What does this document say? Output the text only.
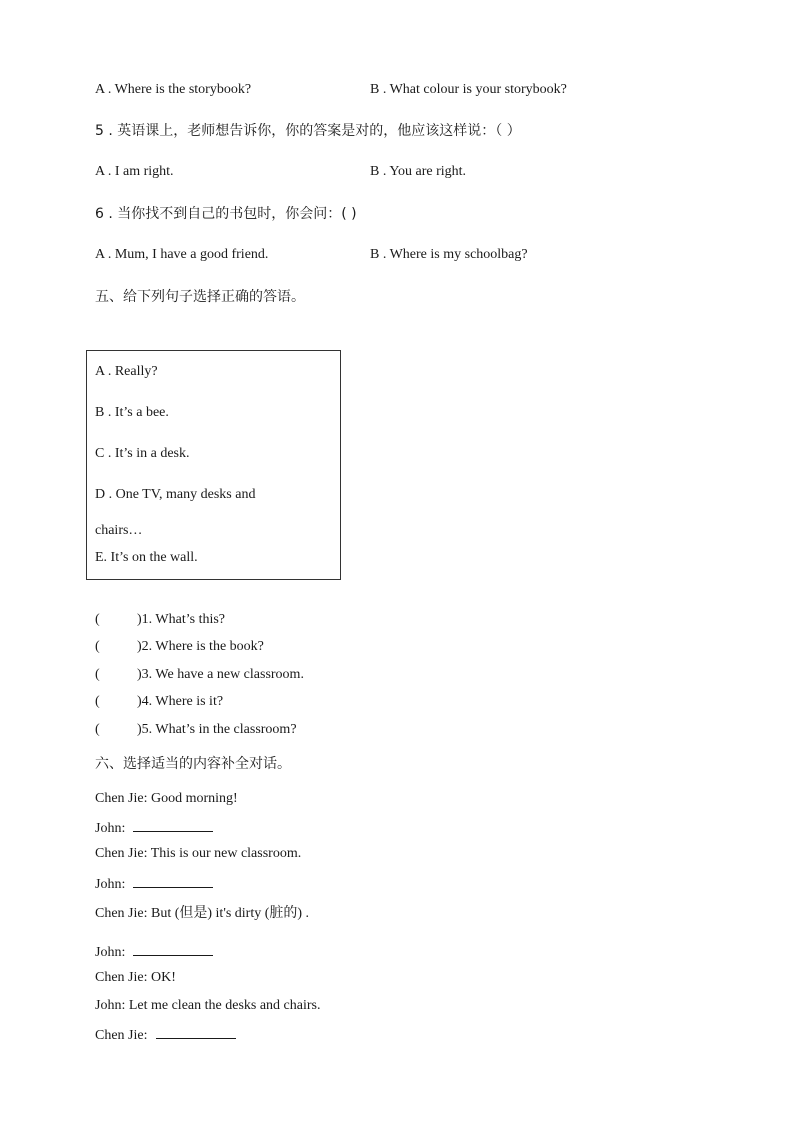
A . Where is the storybook?	B . What colour is your storybook?
5 . 英语课上，老师想告诉你，你的答案是对的，他应该这样说：（ ）
A . I am right.	B . You are right.
6 . 当你找不到自己的书包时，你会问：( )
A . Mum, I have a good friend.	B . Where is my schoolbag?
五、给下列句子选择正确的答语。
A . Really?
B . It’s a bee.
C . It’s in a desk.
D . One TV, many desks and
chairs…
E. It’s on the wall.
(	)1. What’s this?
(	)2. Where is the book?
(	)3. We have a new classroom.
(	)4. Where is it?
(	)5. What’s in the classroom?
六、选择适当的内容补全对话。
Chen Jie: Good morning!
John:
Chen Jie: This is our new classroom.
John:
Chen Jie: But (但是) it's dirty (脏的) .
John:
Chen Jie: OK!
John: Let me clean the desks and chairs.
Chen Jie:
